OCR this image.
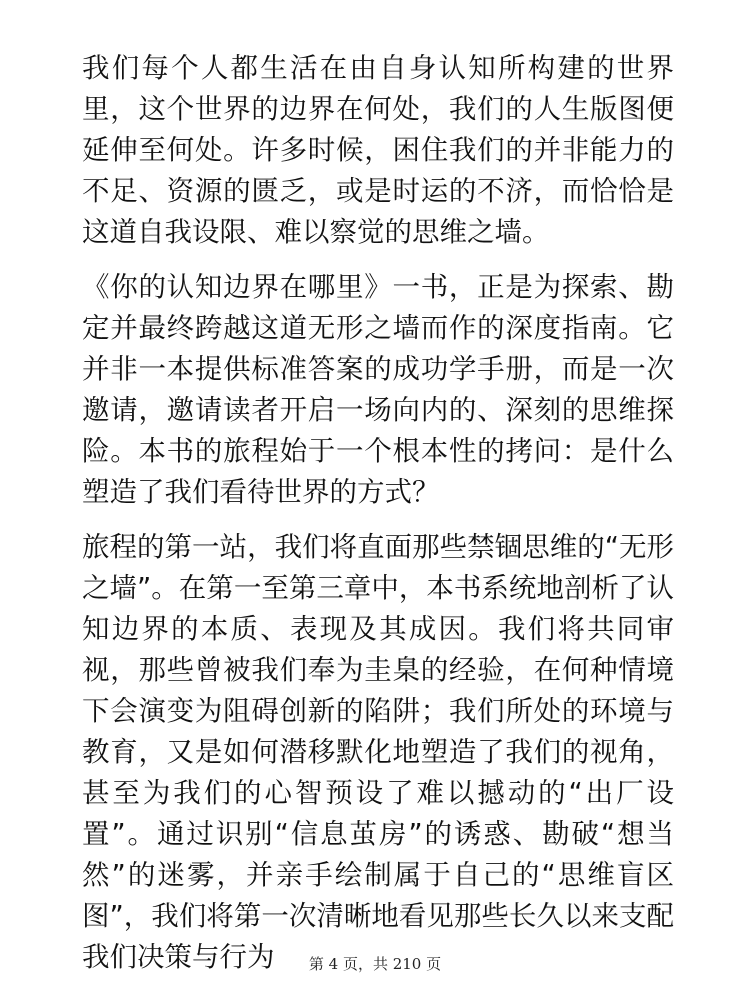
我们每个人都生活在由自身认知所构建的世界里，这个世界的边界在何处，我们的人生版图便延伸至何处。许多时候，困住我们的并非能力的不足、资源的匮乏，或是时运的不济，而恰恰是这道自我设限、难以察觉的思维之墙。

《你的认知边界在哪里》一书，正是为探索、勘定并最终跨越这道无形之墙而作的深度指南。它并非一本提供标准答案的成功学手册，而是一次邀请，邀请读者开启一场向内的、深刻的思维探险。本书的旅程始于一个根本性的拷问：是什么塑造了我们看待世界的方式？

旅程的第一站，我们将直面那些禁锢思维的“无形之墙”。在第一至第三章中，本书系统地剖析了认知边界的本质、表现及其成因。我们将共同审视，那些曾被我们奉为圭臬的经验，在何种情境下会演变为阻碍创新的陷阱；我们所处的环境与教育，又是如何潜移默化地塑造了我们的视角，甚至为我们的心智预设了难以撼动的“出厂设置”。通过识别“信息茧房”的诱惑、勘破“想当然”的迷雾，并亲手绘制属于自己的“思维盲区图”，我们将第一次清晰地看见那些长久以来支配我们决策与行为	第 4 页，共 210 页
